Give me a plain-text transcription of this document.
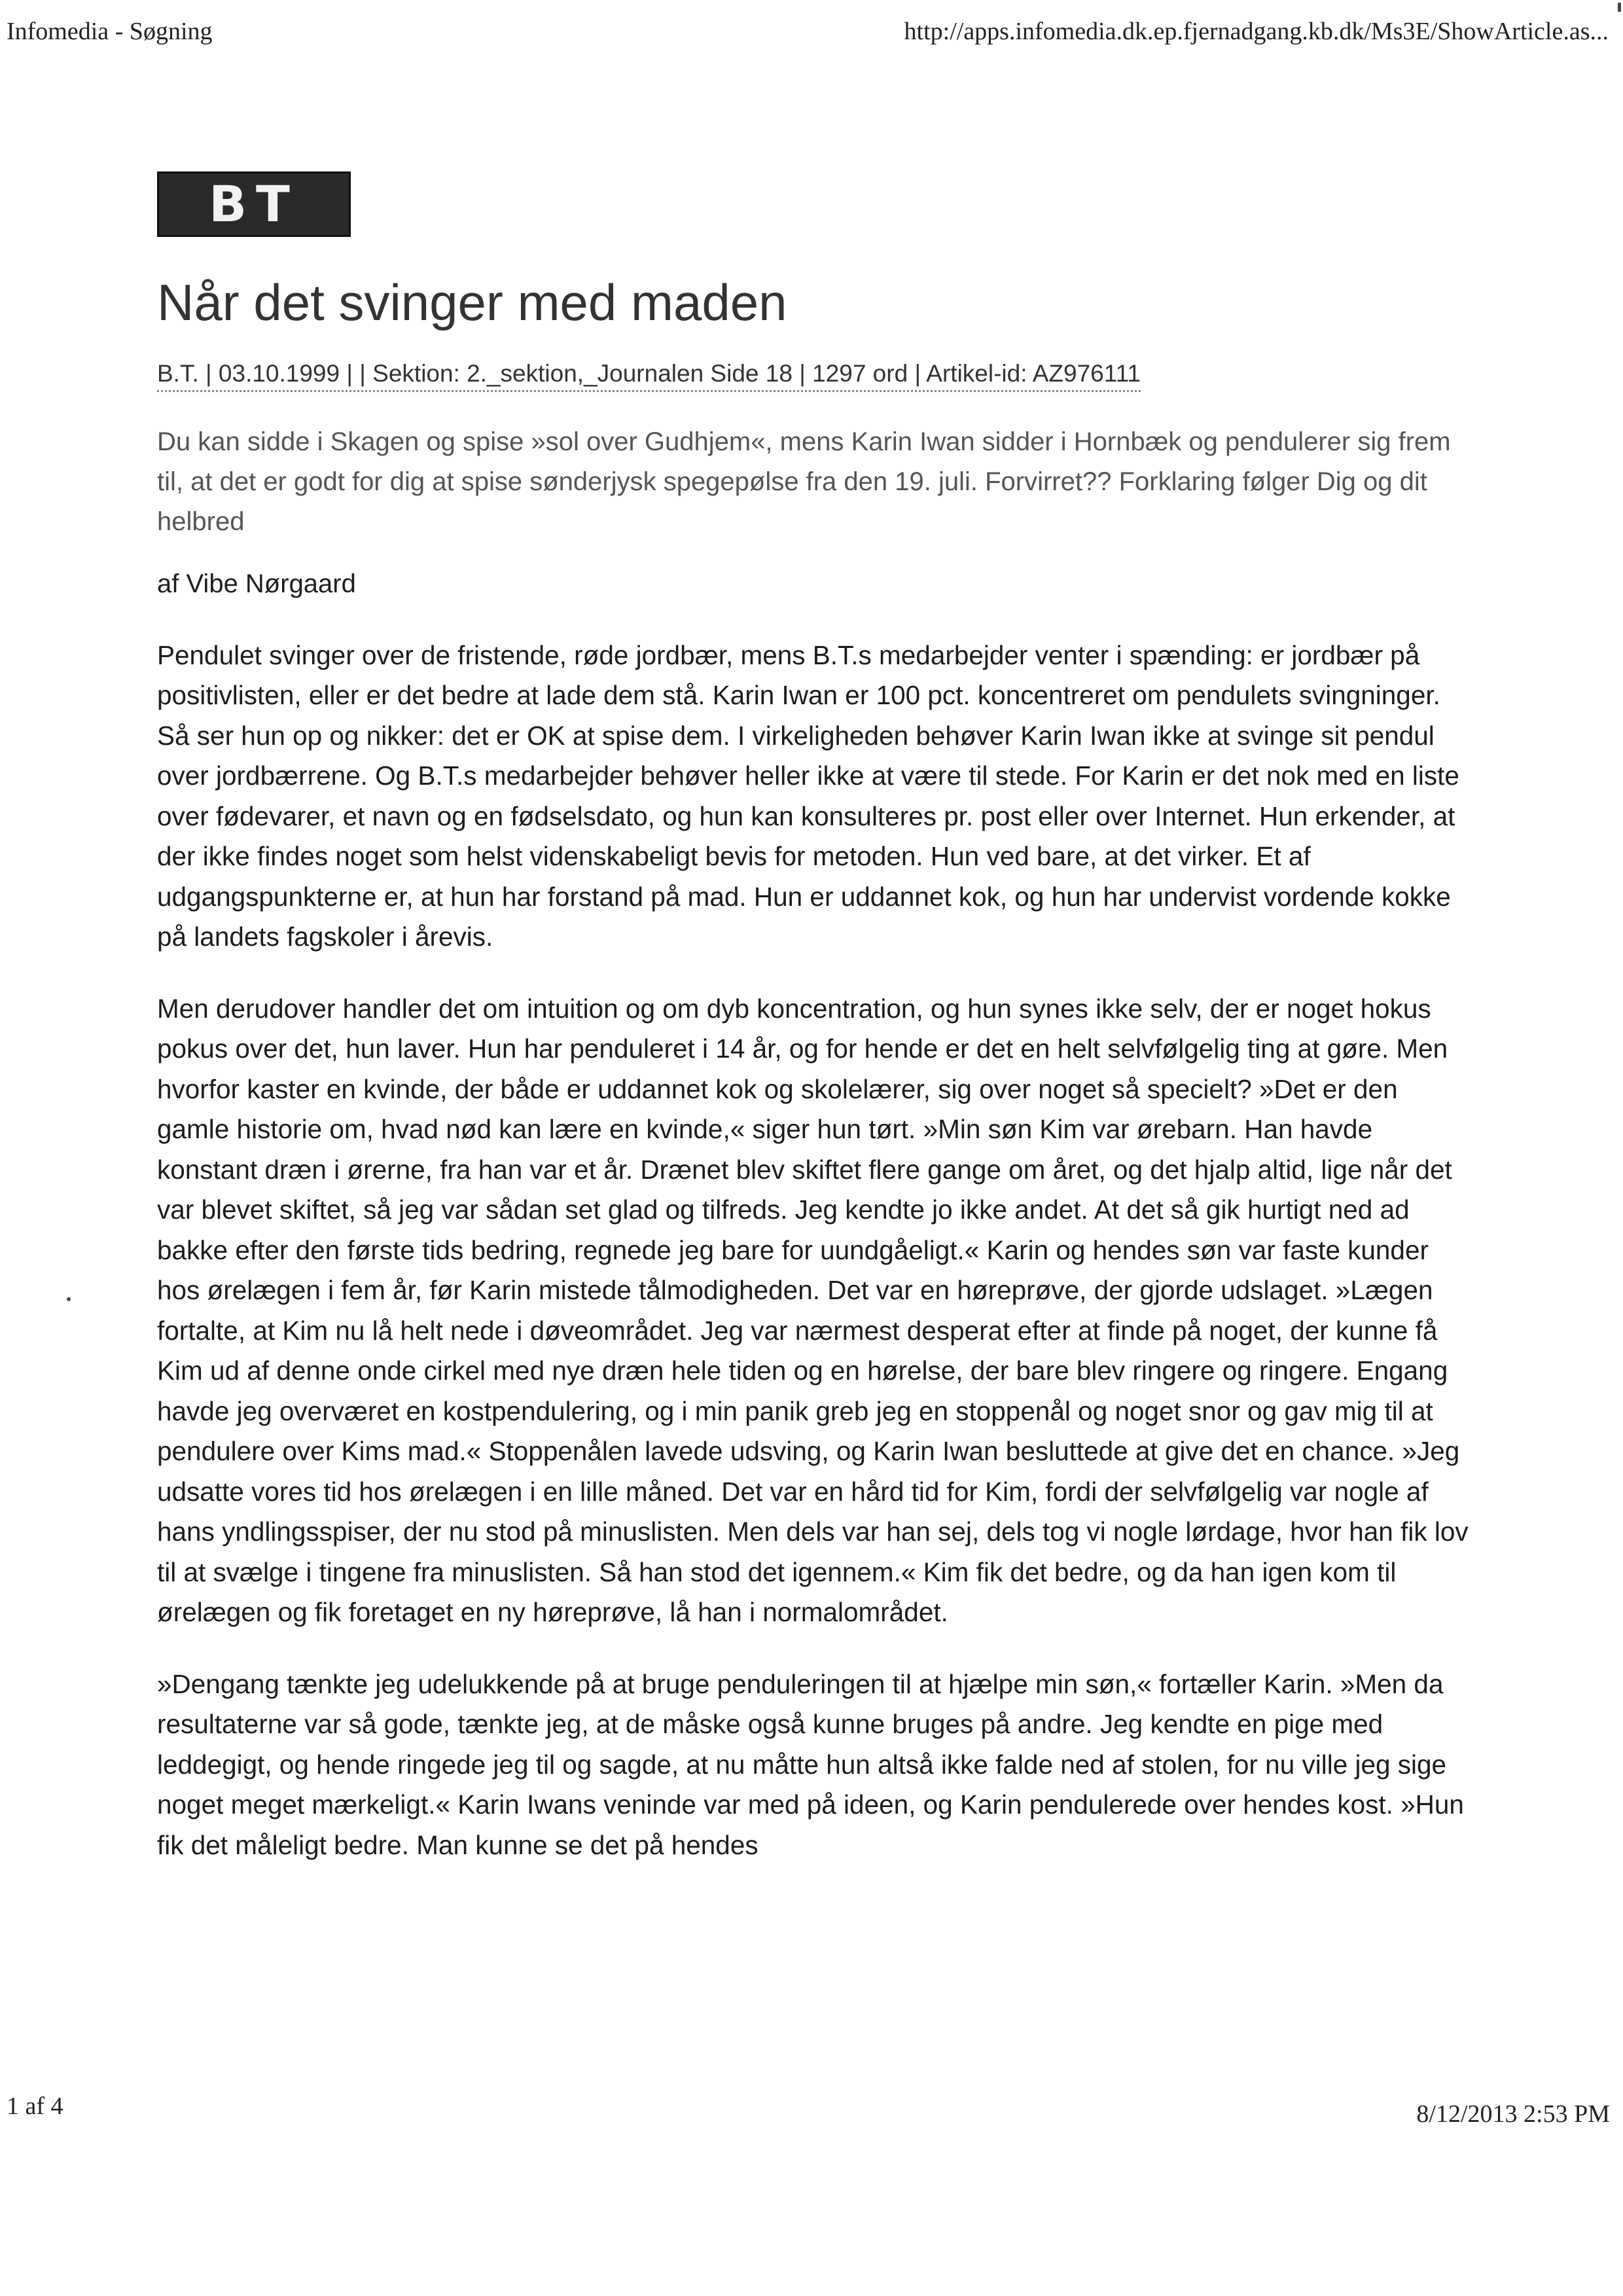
Infomedia - Søgning	http://apps.infomedia.dk.ep.fjernadgang.kb.dk/Ms3E/ShowArticle.as...
BT
Når det svinger med maden
B.T. | 03.10.1999 | | Sektion: 2._sektion,_Journalen Side 18 | 1297 ord | Artikel-id: AZ976111
Du kan sidde i Skagen og spise »sol over Gudhjem«, mens Karin Iwan sidder i Hornbæk og pendulerer sig frem til, at det er godt for dig at spise sønderjysk spegepølse fra den 19. juli. Forvirret?? Forklaring følger Dig og dit helbred
af Vibe Nørgaard
Pendulet svinger over de fristende, røde jordbær, mens B.T.s medarbejder venter i spænding: er jordbær på positivlisten, eller er det bedre at lade dem stå. Karin Iwan er 100 pct. koncentreret om pendulets svingninger. Så ser hun op og nikker: det er OK at spise dem. I virkeligheden behøver Karin Iwan ikke at svinge sit pendul over jordbærrene. Og B.T.s medarbejder behøver heller ikke at være til stede. For Karin er det nok med en liste over fødevarer, et navn og en fødselsdato, og hun kan konsulteres pr. post eller over Internet. Hun erkender, at der ikke findes noget som helst videnskabeligt bevis for metoden. Hun ved bare, at det virker. Et af udgangspunkterne er, at hun har forstand på mad. Hun er uddannet kok, og hun har undervist vordende kokke på landets fagskoler i årevis.
Men derudover handler det om intuition og om dyb koncentration, og hun synes ikke selv, der er noget hokus pokus over det, hun laver. Hun har penduleret i 14 år, og for hende er det en helt selvfølgelig ting at gøre. Men hvorfor kaster en kvinde, der både er uddannet kok og skolelærer, sig over noget så specielt? »Det er den gamle historie om, hvad nød kan lære en kvinde,« siger hun tørt. »Min søn Kim var ørebarn. Han havde konstant dræn i ørerne, fra han var et år. Drænet blev skiftet flere gange om året, og det hjalp altid, lige når det var blevet skiftet, så jeg var sådan set glad og tilfreds. Jeg kendte jo ikke andet. At det så gik hurtigt ned ad bakke efter den første tids bedring, regnede jeg bare for uundgåeligt.« Karin og hendes søn var faste kunder hos ørelægen i fem år, før Karin mistede tålmodigheden. Det var en høreprøve, der gjorde udslaget. »Lægen fortalte, at Kim nu lå helt nede i døveområdet. Jeg var nærmest desperat efter at finde på noget, der kunne få Kim ud af denne onde cirkel med nye dræn hele tiden og en hørelse, der bare blev ringere og ringere. Engang havde jeg overværet en kostpendulering, og i min panik greb jeg en stoppenål og noget snor og gav mig til at pendulere over Kims mad.« Stoppenålen lavede udsving, og Karin Iwan besluttede at give det en chance. »Jeg udsatte vores tid hos ørelægen i en lille måned. Det var en hård tid for Kim, fordi der selvfølgelig var nogle af hans yndlingsspiser, der nu stod på minuslisten. Men dels var han sej, dels tog vi nogle lørdage, hvor han fik lov til at svælge i tingene fra minuslisten. Så han stod det igennem.« Kim fik det bedre, og da han igen kom til ørelægen og fik foretaget en ny høreprøve, lå han i normalområdet.
»Dengang tænkte jeg udelukkende på at bruge penduleringen til at hjælpe min søn,« fortæller Karin. »Men da resultaterne var så gode, tænkte jeg, at de måske også kunne bruges på andre. Jeg kendte en pige med leddegigt, og hende ringede jeg til og sagde, at nu måtte hun altså ikke falde ned af stolen, for nu ville jeg sige noget meget mærkeligt.« Karin Iwans veninde var med på ideen, og Karin pendulerede over hendes kost. »Hun fik det måleligt bedre. Man kunne se det på hendes
1 af 4	8/12/2013 2:53 PM
